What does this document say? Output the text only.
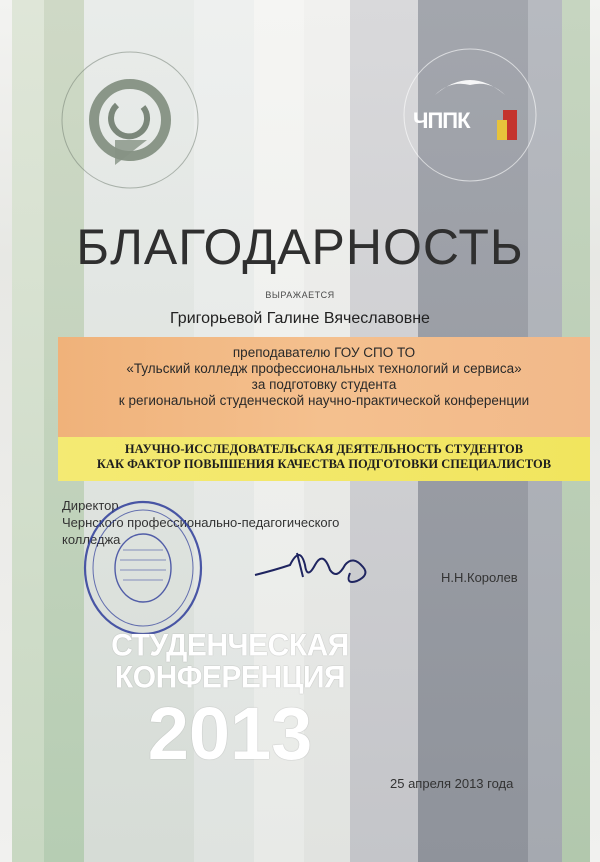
ЧППК
БЛАГОДАРНОСТЬ
ВЫРАЖАЕТСЯ
Григорьевой Галине Вячеславовне
преподавателю ГОУ СПО ТО
«Тульский колледж профессиональных технологий и сервиса»
за подготовку студента
к региональной студенческой научно-практической конференции
НАУЧНО-ИССЛЕДОВАТЕЛЬСКАЯ ДЕЯТЕЛЬНОСТЬ СТУДЕНТОВ
КАК ФАКТОР ПОВЫШЕНИЯ КАЧЕСТВА ПОДГОТОВКИ СПЕЦИАЛИСТОВ
Директор
Чернского профессионально-педагогического
колледжа
Н.Н.Королев
СТУДЕНЧЕСКАЯ
КОНФЕРЕНЦИЯ
2013
25 апреля 2013 года
